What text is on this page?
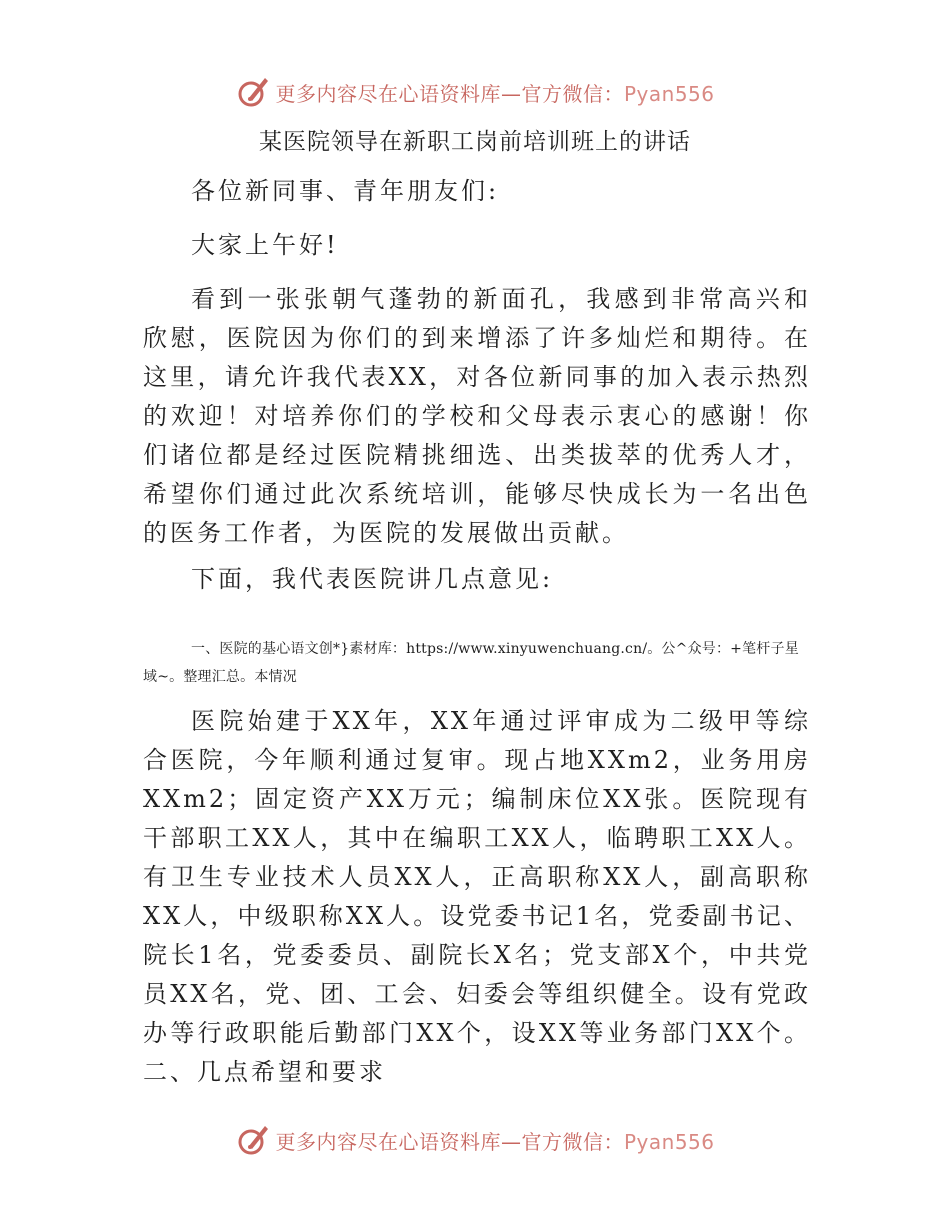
更多内容尽在心语资料库—官方微信：Pyan556
某医院领导在新职工岗前培训班上的讲话

各位新同事、青年朋友们:

大家上午好!

看到一张张朝气蓬勃的新面孔，我感到非常高兴和欣慰，医院因为你们的到来增添了许多灿烂和期待。在这里，请允许我代表XX，对各位新同事的加入表示热烈的欢迎！对培养你们的学校和父母表示衷心的感谢！你们诸位都是经过医院精挑细选、出类拔萃的优秀人才，希望你们通过此次系统培训，能够尽快成长为一名出色的医务工作者，为医院的发展做出贡献。

下面，我代表医院讲几点意见:

一、医院的基心语文创*}素材库：https://www.xinyuwenchuang.cn/。公^众号：+笔杆子星域~。整理汇总。本情况

医院始建于XX年，XX年通过评审成为二级甲等综合医院，今年顺利通过复审。现占地XXm2，业务用房XXm2；固定资产XX万元；编制床位XX张。医院现有干部职工XX人，其中在编职工XX人，临聘职工XX人。有卫生专业技术人员XX人，正高职称XX人，副高职称XX人，中级职称XX人。设党委书记1名，党委副书记、院长1名，党委委员、副院长X名；党支部X个，中共党员XX名，党、团、工会、妇委会等组织健全。设有党政办等行政职能后勤部门XX个，设XX等业务部门XX个。二、几点希望和要求

更多内容尽在心语资料库—官方微信：Pyan556
